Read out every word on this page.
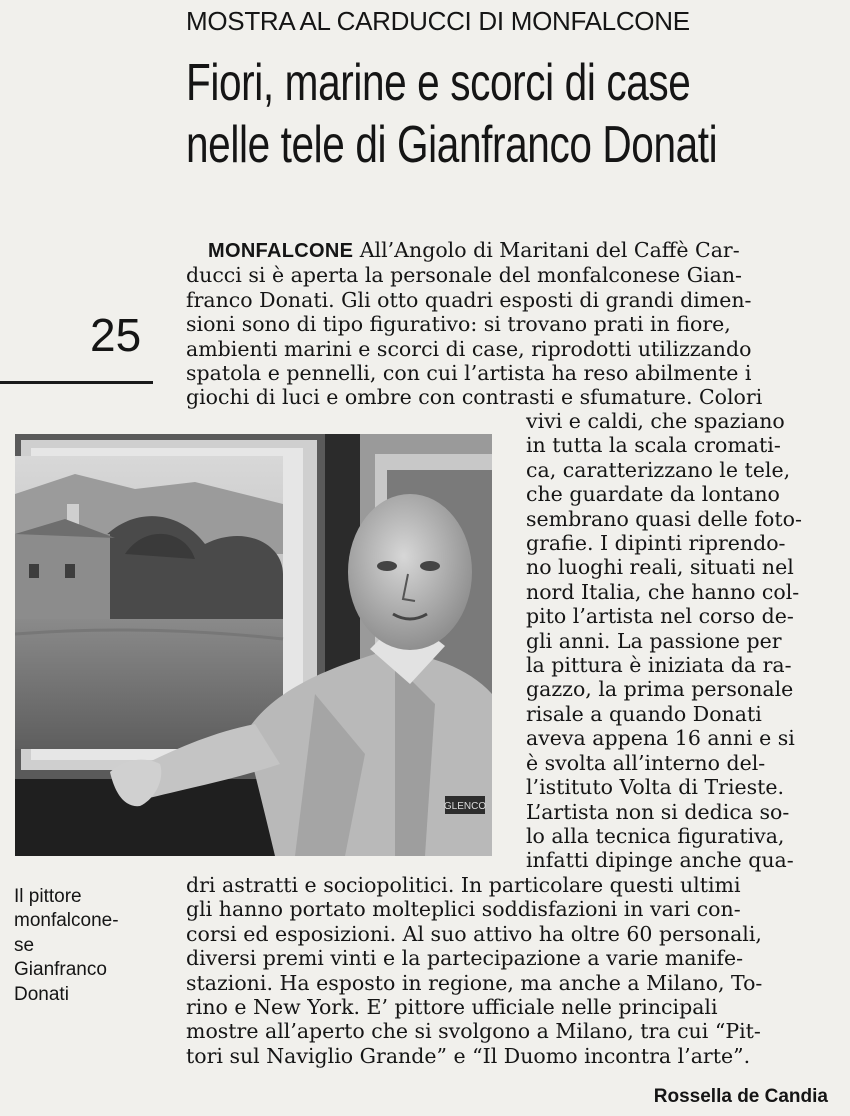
MOSTRA AL CARDUCCI DI MONFALCONE
Fiori, marine e scorci di case
nelle tele di Gianfranco Donati
25
MONFALCONE All’Angolo di Maritani del Caffè Car-
ducci si è aperta la personale del monfalconese Gian-
franco Donati. Gli otto quadri esposti di grandi dimen-
sioni sono di tipo figurativo: si trovano prati in fiore,
ambienti marini e scorci di case, riprodotti utilizzando
spatola e pennelli, con cui l’artista ha reso abilmente i
giochi di luci e ombre con contrasti e sfumature. Colori
GLENCO
vivi e caldi, che spaziano
in tutta la scala cromati-
ca, caratterizzano le tele,
che guardate da lontano
sembrano quasi delle foto-
grafie. I dipinti riprendo-
no luoghi reali, situati nel
nord Italia, che hanno col-
pito l’artista nel corso de-
gli anni. La passione per
la pittura è iniziata da ra-
gazzo, la prima personale
risale a quando Donati
aveva appena 16 anni e si
è svolta all’interno del-
l’istituto Volta di Trieste.
L’artista non si dedica so-
lo alla tecnica figurativa,
infatti dipinge anche qua-
Il pittore
monfalcone-
se
Gianfranco
Donati
dri astratti e sociopolitici. In particolare questi ultimi
gli hanno portato molteplici soddisfazioni in vari con-
corsi ed esposizioni. Al suo attivo ha oltre 60 personali,
diversi premi vinti e la partecipazione a varie manife-
stazioni. Ha esposto in regione, ma anche a Milano, To-
rino e New York. E’ pittore ufficiale nelle principali
mostre all’aperto che si svolgono a Milano, tra cui “Pit-
tori sul Naviglio Grande” e “Il Duomo incontra l’arte”.
Rossella de Candia
